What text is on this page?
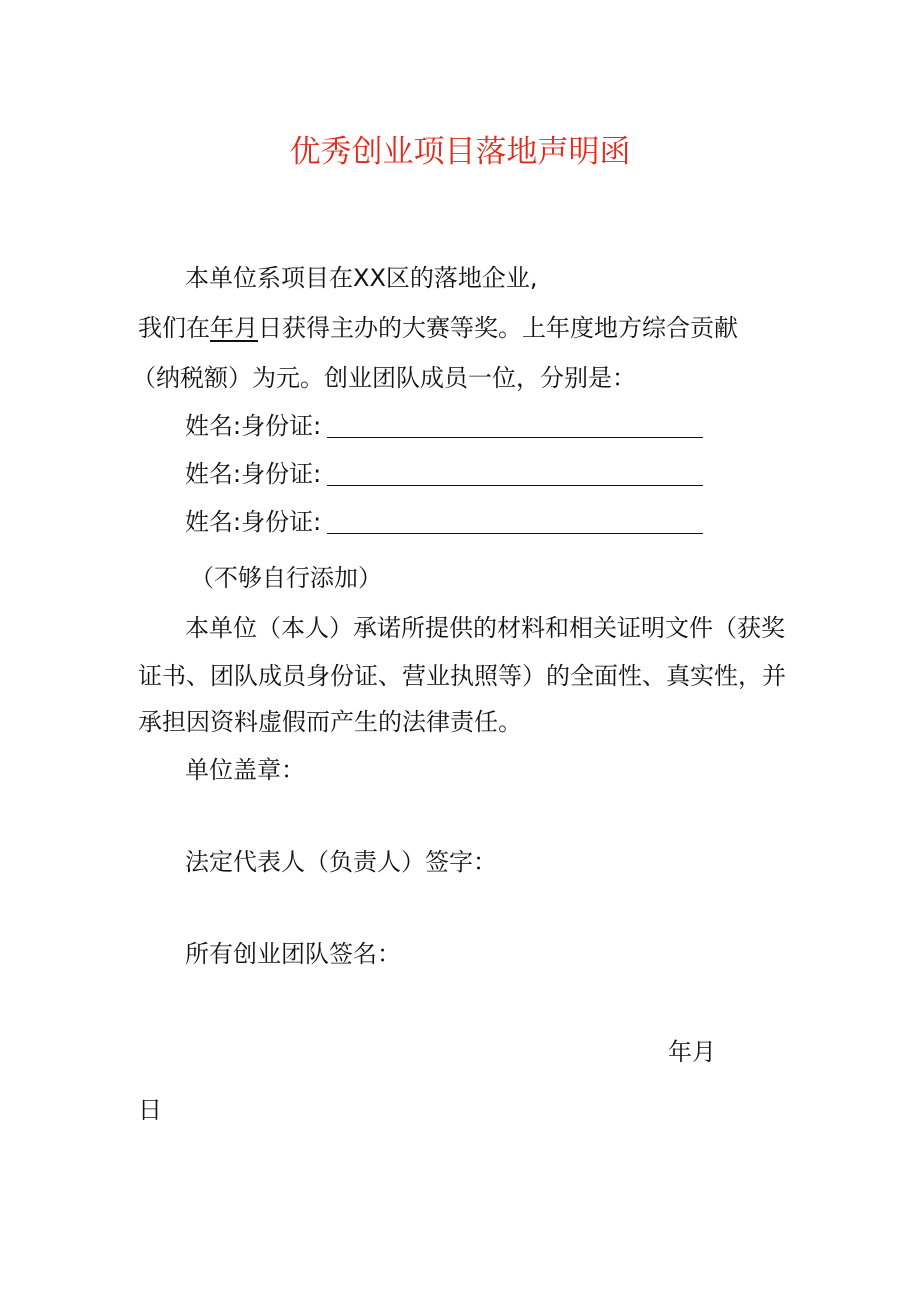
优秀创业项目落地声明函
本单位系项目在XX区的落地企业,
我们在年月日获得主办的大赛等奖。上年度地方综合贡献
（纳税额）为元。创业团队成员一位，分别是：
姓名:身份证:
姓名:身份证:
姓名:身份证:
（不够自行添加）
本单位（本人）承诺所提供的材料和相关证明文件（获奖
证书、团队成员身份证、营业执照等）的全面性、真实性，并
承担因资料虚假而产生的法律责任。
单位盖章：
法定代表人（负责人）签字：
所有创业团队签名：
年月
日
